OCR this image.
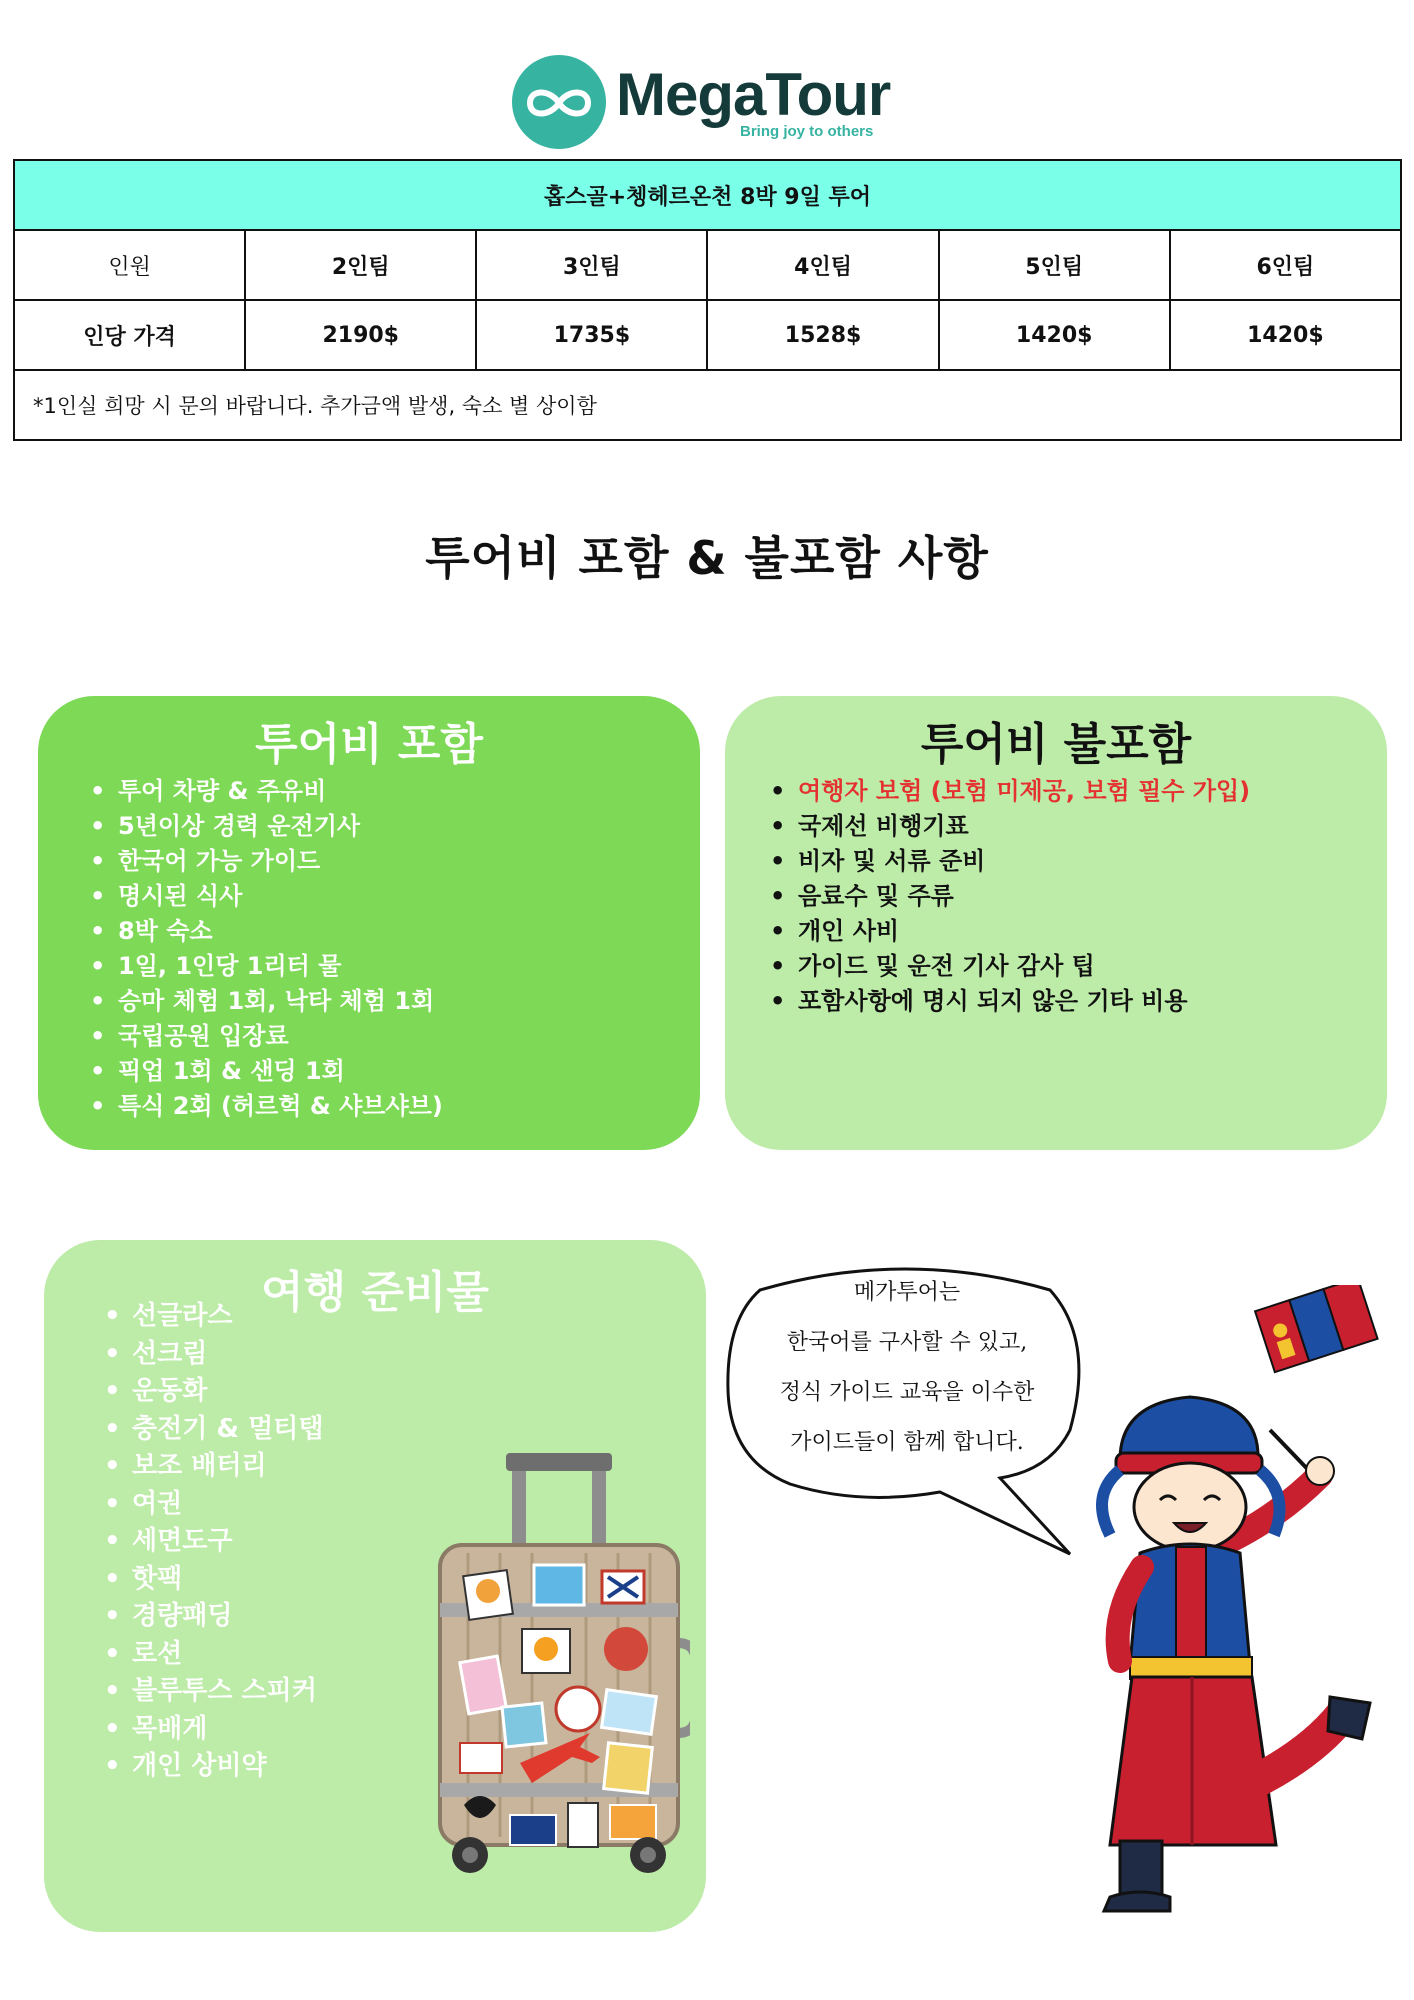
MegaTour
Bring joy to others
홉스골+쳉헤르온천 8박 9일 투어					
인원	2인팀	3인팀	4인팀	5인팀	6인팀
인당 가격	2190$	1735$	1528$	1420$	1420$
*1인실 희망 시 문의 바랍니다. 추가금액 발생, 숙소 별 상이함					
투어비 포함 & 불포함 사항
투어비 포함
• 투어 차량 & 주유비
• 5년이상 경력 운전기사
• 한국어 가능 가이드
• 명시된 식사
• 8박 숙소
• 1일, 1인당 1리터 물
• 승마 체험 1회, 낙타 체험 1회
• 국립공원 입장료
• 픽업 1회 & 샌딩 1회
• 특식 2회 (허르헉 & 샤브샤브)
투어비 불포함
• 여행자 보험 (보험 미제공, 보험 필수 가입)
• 국제선 비행기표
• 비자 및 서류 준비
• 음료수 및 주류
• 개인 사비
• 가이드 및 운전 기사 감사 팁
• 포함사항에 명시 되지 않은 기타 비용
여행 준비물
• 선글라스
• 선크림
• 운동화
• 충전기 & 멀티탭
• 보조 배터리
• 여권
• 세면도구
• 핫팩
• 경량패딩
• 로션
• 블루투스 스피커
• 목배게
• 개인 상비약
메가투어는
한국어를 구사할 수 있고,
정식 가이드 교육을 이수한
가이드들이 함께 합니다.
